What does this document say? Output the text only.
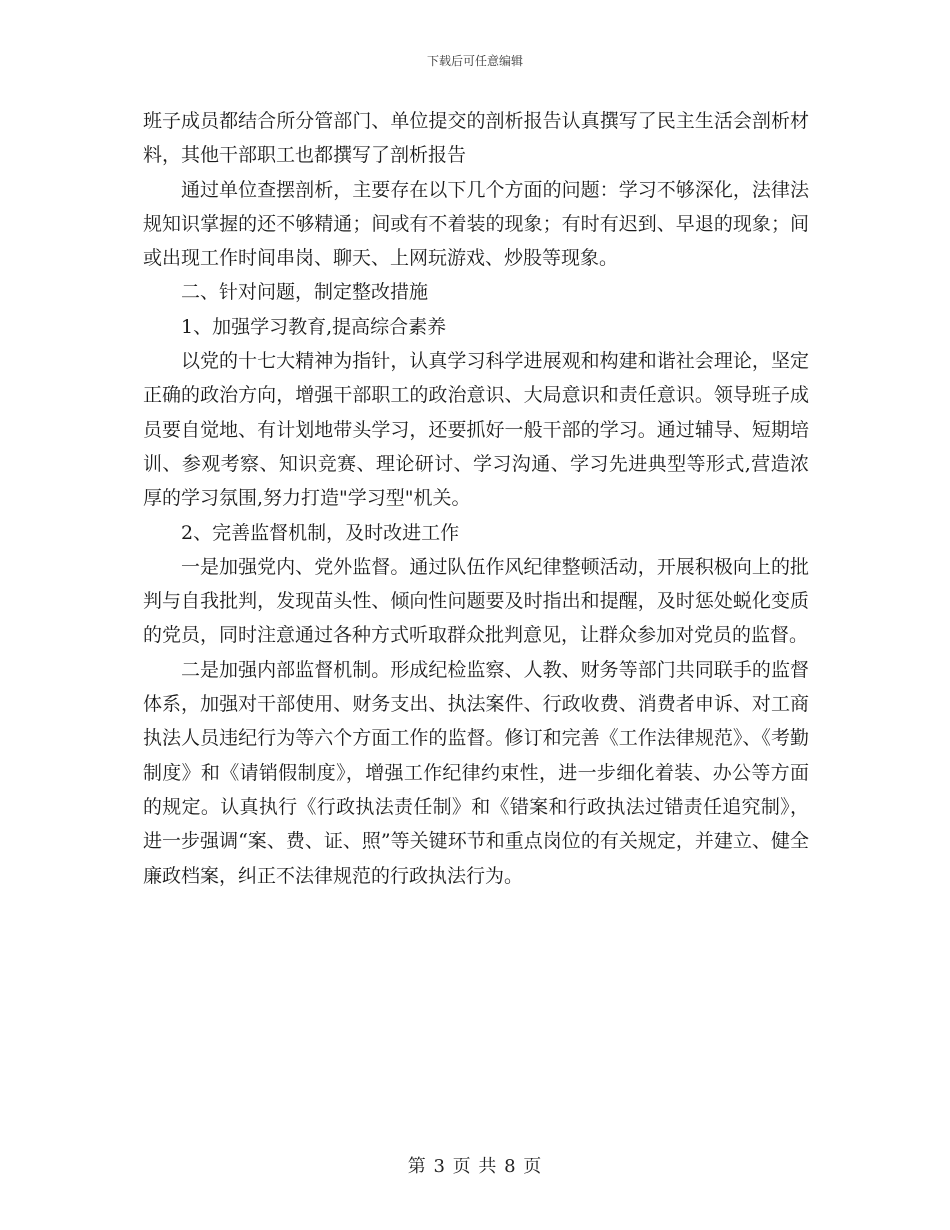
下载后可任意编辑

班子成员都结合所分管部门、单位提交的剖析报告认真撰写了民主生活会剖析材料，其他干部职工也都撰写了剖析报告

通过单位查摆剖析，主要存在以下几个方面的问题：学习不够深化，法律法规知识掌握的还不够精通；间或有不着装的现象；有时有迟到、早退的现象；间或出现工作时间串岗、聊天、上网玩游戏、炒股等现象。

二、针对问题，制定整改措施

1、加强学习教育,提高综合素养

以党的十七大精神为指针，认真学习科学进展观和构建和谐社会理论，坚定正确的政治方向，增强干部职工的政治意识、大局意识和责任意识。领导班子成员要自觉地、有计划地带头学习，还要抓好一般干部的学习。通过辅导、短期培训、参观考察、知识竞赛、理论研讨、学习沟通、学习先进典型等形式,营造浓厚的学习氛围,努力打造"学习型"机关。

2、完善监督机制，及时改进工作

一是加强党内、党外监督。通过队伍作风纪律整顿活动，开展积极向上的批判与自我批判，发现苗头性、倾向性问题要及时指出和提醒，及时惩处蜕化变质的党员，同时注意通过各种方式听取群众批判意见，让群众参加对党员的监督。

二是加强内部监督机制。形成纪检监察、人教、财务等部门共同联手的监督体系，加强对干部使用、财务支出、执法案件、行政收费、消费者申诉、对工商执法人员违纪行为等六个方面工作的监督。修订和完善《工作法律规范》、《考勤制度》和《请销假制度》，增强工作纪律约束性，进一步细化着装、办公等方面的规定。认真执行《行政执法责任制》和《错案和行政执法过错责任追究制》，进一步强调“案、费、证、照”等关键环节和重点岗位的有关规定，并建立、健全廉政档案，纠正不法律规范的行政执法行为。

第 3 页 共 8 页
